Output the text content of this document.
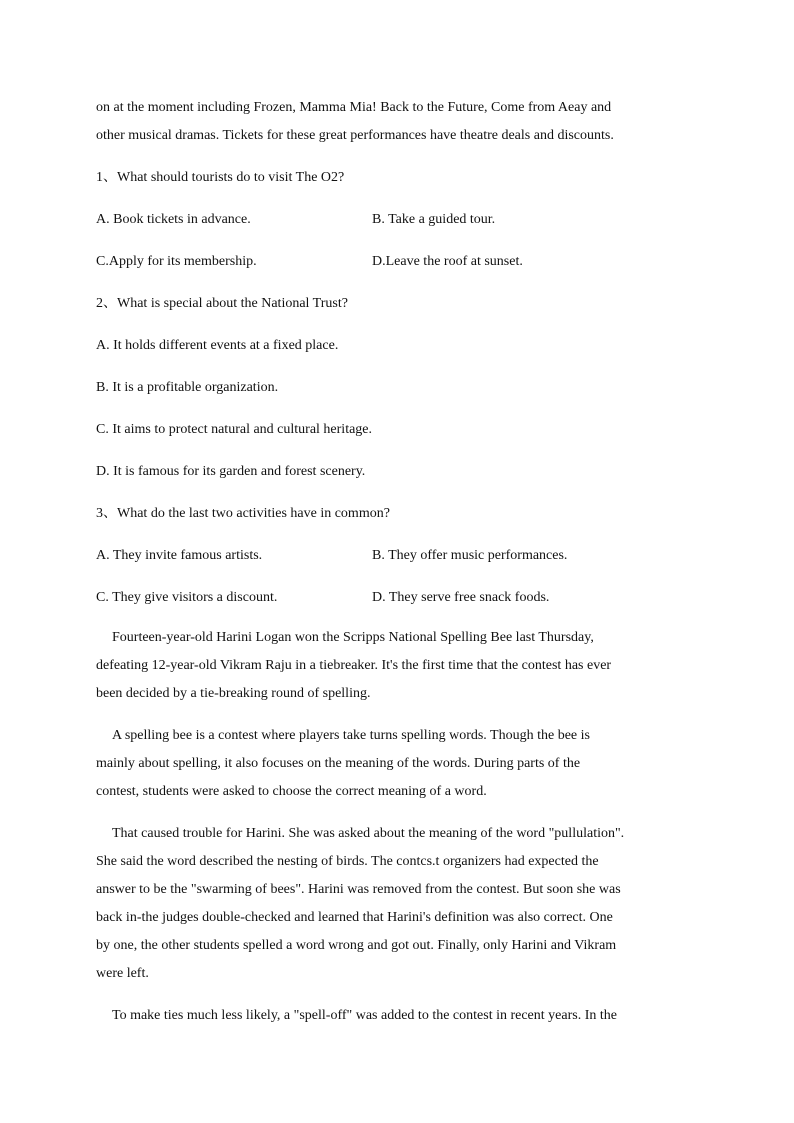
on at the moment including Frozen, Mamma Mia! Back to the Future, Come from Aeay and
other musical dramas. Tickets for these great performances have theatre deals and discounts.
1、What should tourists do to visit The O2?
A. Book tickets in advance.	B. Take a guided tour.
C.Apply for its membership.	D.Leave the roof at sunset.
2、What is special about the National Trust?
A. It holds different events at a fixed place.
B. It is a profitable organization.
C. It aims to protect natural and cultural heritage.
D. It is famous for its garden and forest scenery.
3、What do the last two activities have in common?
A. They invite famous artists.	B. They offer music performances.
C. They give visitors a discount.	D. They serve free snack foods.
Fourteen-year-old Harini Logan won the Scripps National Spelling Bee last Thursday,
defeating 12-year-old Vikram Raju in a tiebreaker. It's the first time that the contest has ever
been decided by a tie-breaking round of spelling.
A spelling bee is a contest where players take turns spelling words. Though the bee is
mainly about spelling, it also focuses on the meaning of the words. During parts of the
contest, students were asked to choose the correct meaning of a word.
That caused trouble for Harini. She was asked about the meaning of the word "pullulation".
She said the word described the nesting of birds. The contcs.t organizers had expected the
answer to be the "swarming of bees". Harini was removed from the contest. But soon she was
back in-the judges double-checked and learned that Harini's definition was also correct. One
by one, the other students spelled a word wrong and got out. Finally, only Harini and Vikram
were left.
To make ties much less likely, a "spell-off" was added to the contest in recent years. In the
